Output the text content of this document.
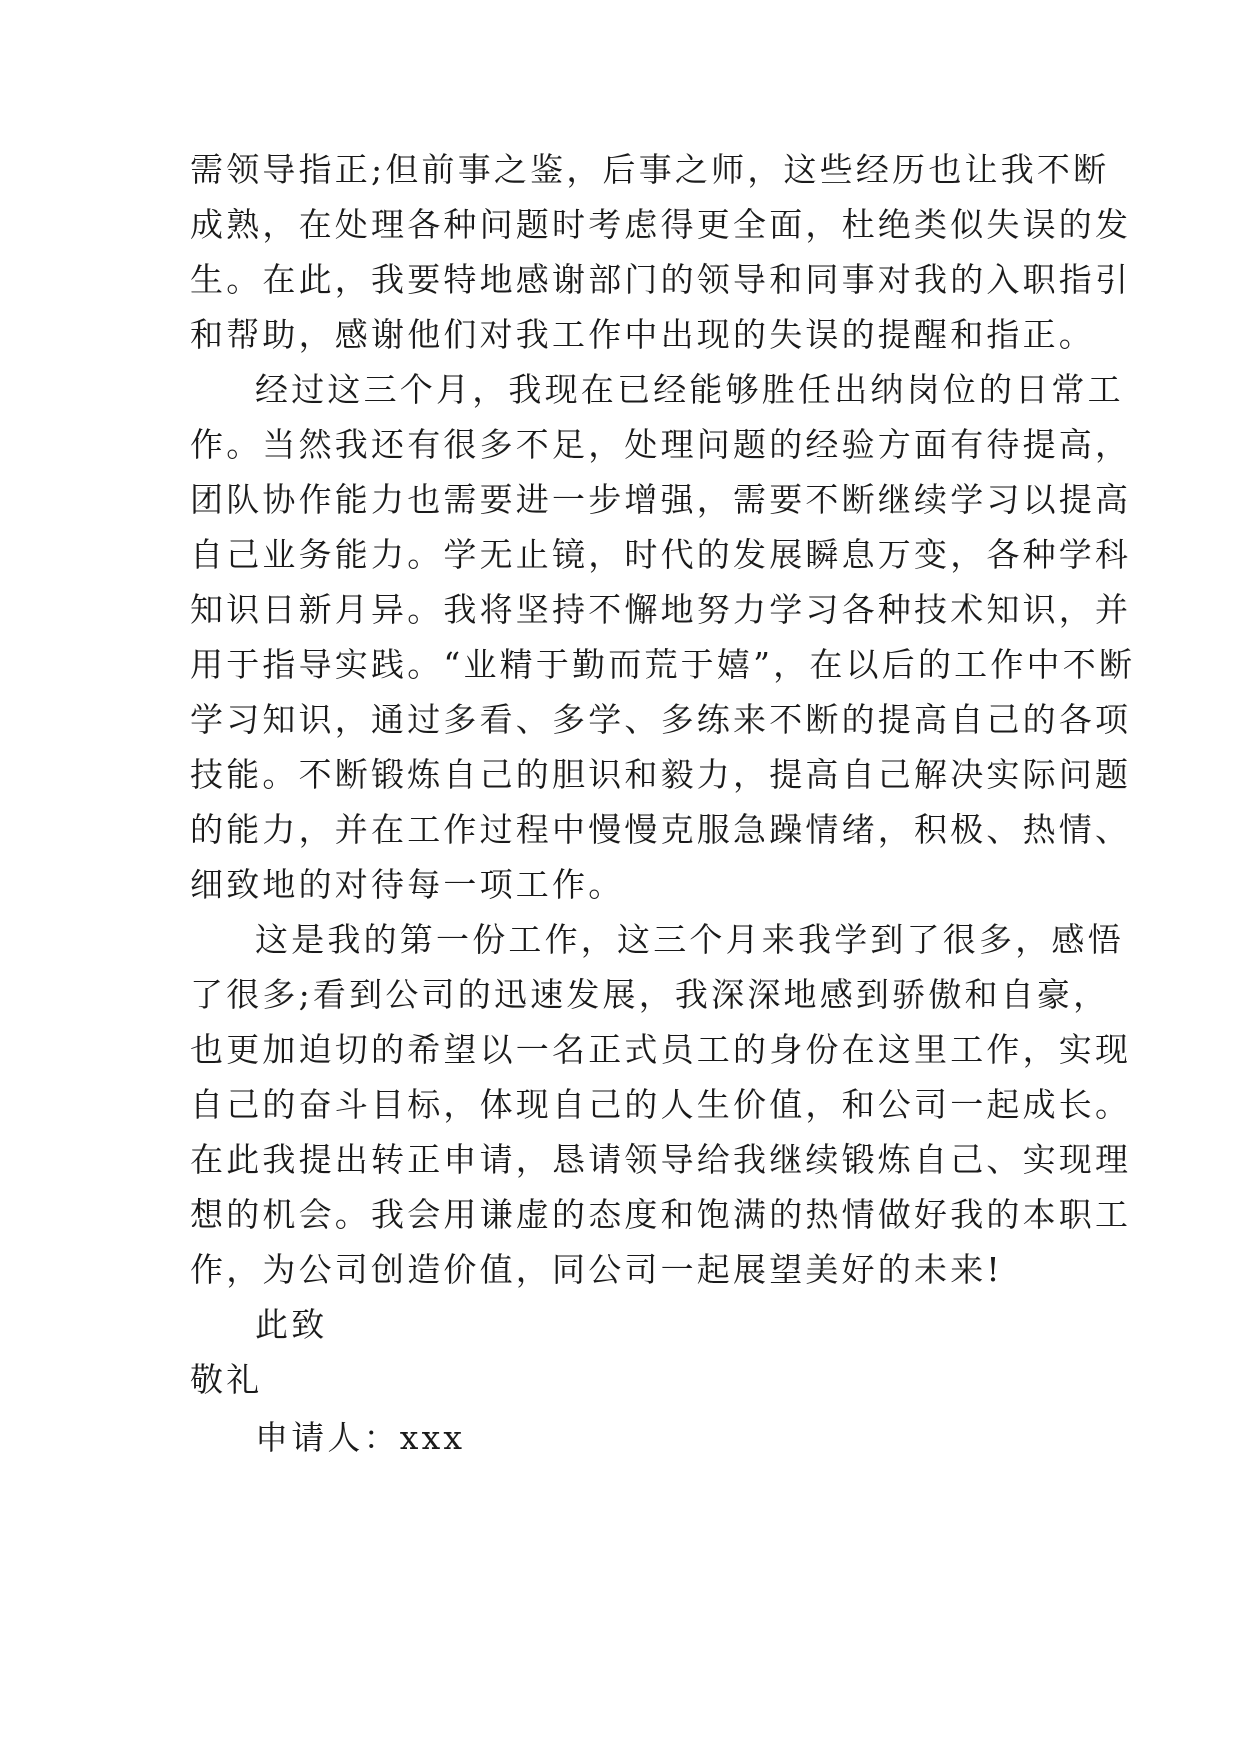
需领导指正;但前事之鉴，后事之师，这些经历也让我不断
成熟，在处理各种问题时考虑得更全面，杜绝类似失误的发
生。在此，我要特地感谢部门的领导和同事对我的入职指引
和帮助，感谢他们对我工作中出现的失误的提醒和指正。
经过这三个月，我现在已经能够胜任出纳岗位的日常工
作。当然我还有很多不足，处理问题的经验方面有待提高，
团队协作能力也需要进一步增强，需要不断继续学习以提高
自己业务能力。学无止镜，时代的发展瞬息万变，各种学科
知识日新月异。我将坚持不懈地努力学习各种技术知识，并
用于指导实践。“业精于勤而荒于嬉”，在以后的工作中不断
学习知识，通过多看、多学、多练来不断的提高自己的各项
技能。不断锻炼自己的胆识和毅力，提高自己解决实际问题
的能力，并在工作过程中慢慢克服急躁情绪，积极、热情、
细致地的对待每一项工作。
这是我的第一份工作，这三个月来我学到了很多，感悟
了很多;看到公司的迅速发展，我深深地感到骄傲和自豪，
也更加迫切的希望以一名正式员工的身份在这里工作，实现
自己的奋斗目标，体现自己的人生价值，和公司一起成长。
在此我提出转正申请，恳请领导给我继续锻炼自己、实现理
想的机会。我会用谦虚的态度和饱满的热情做好我的本职工
作，为公司创造价值，同公司一起展望美好的未来!
此致
敬礼
申请人：xxx
